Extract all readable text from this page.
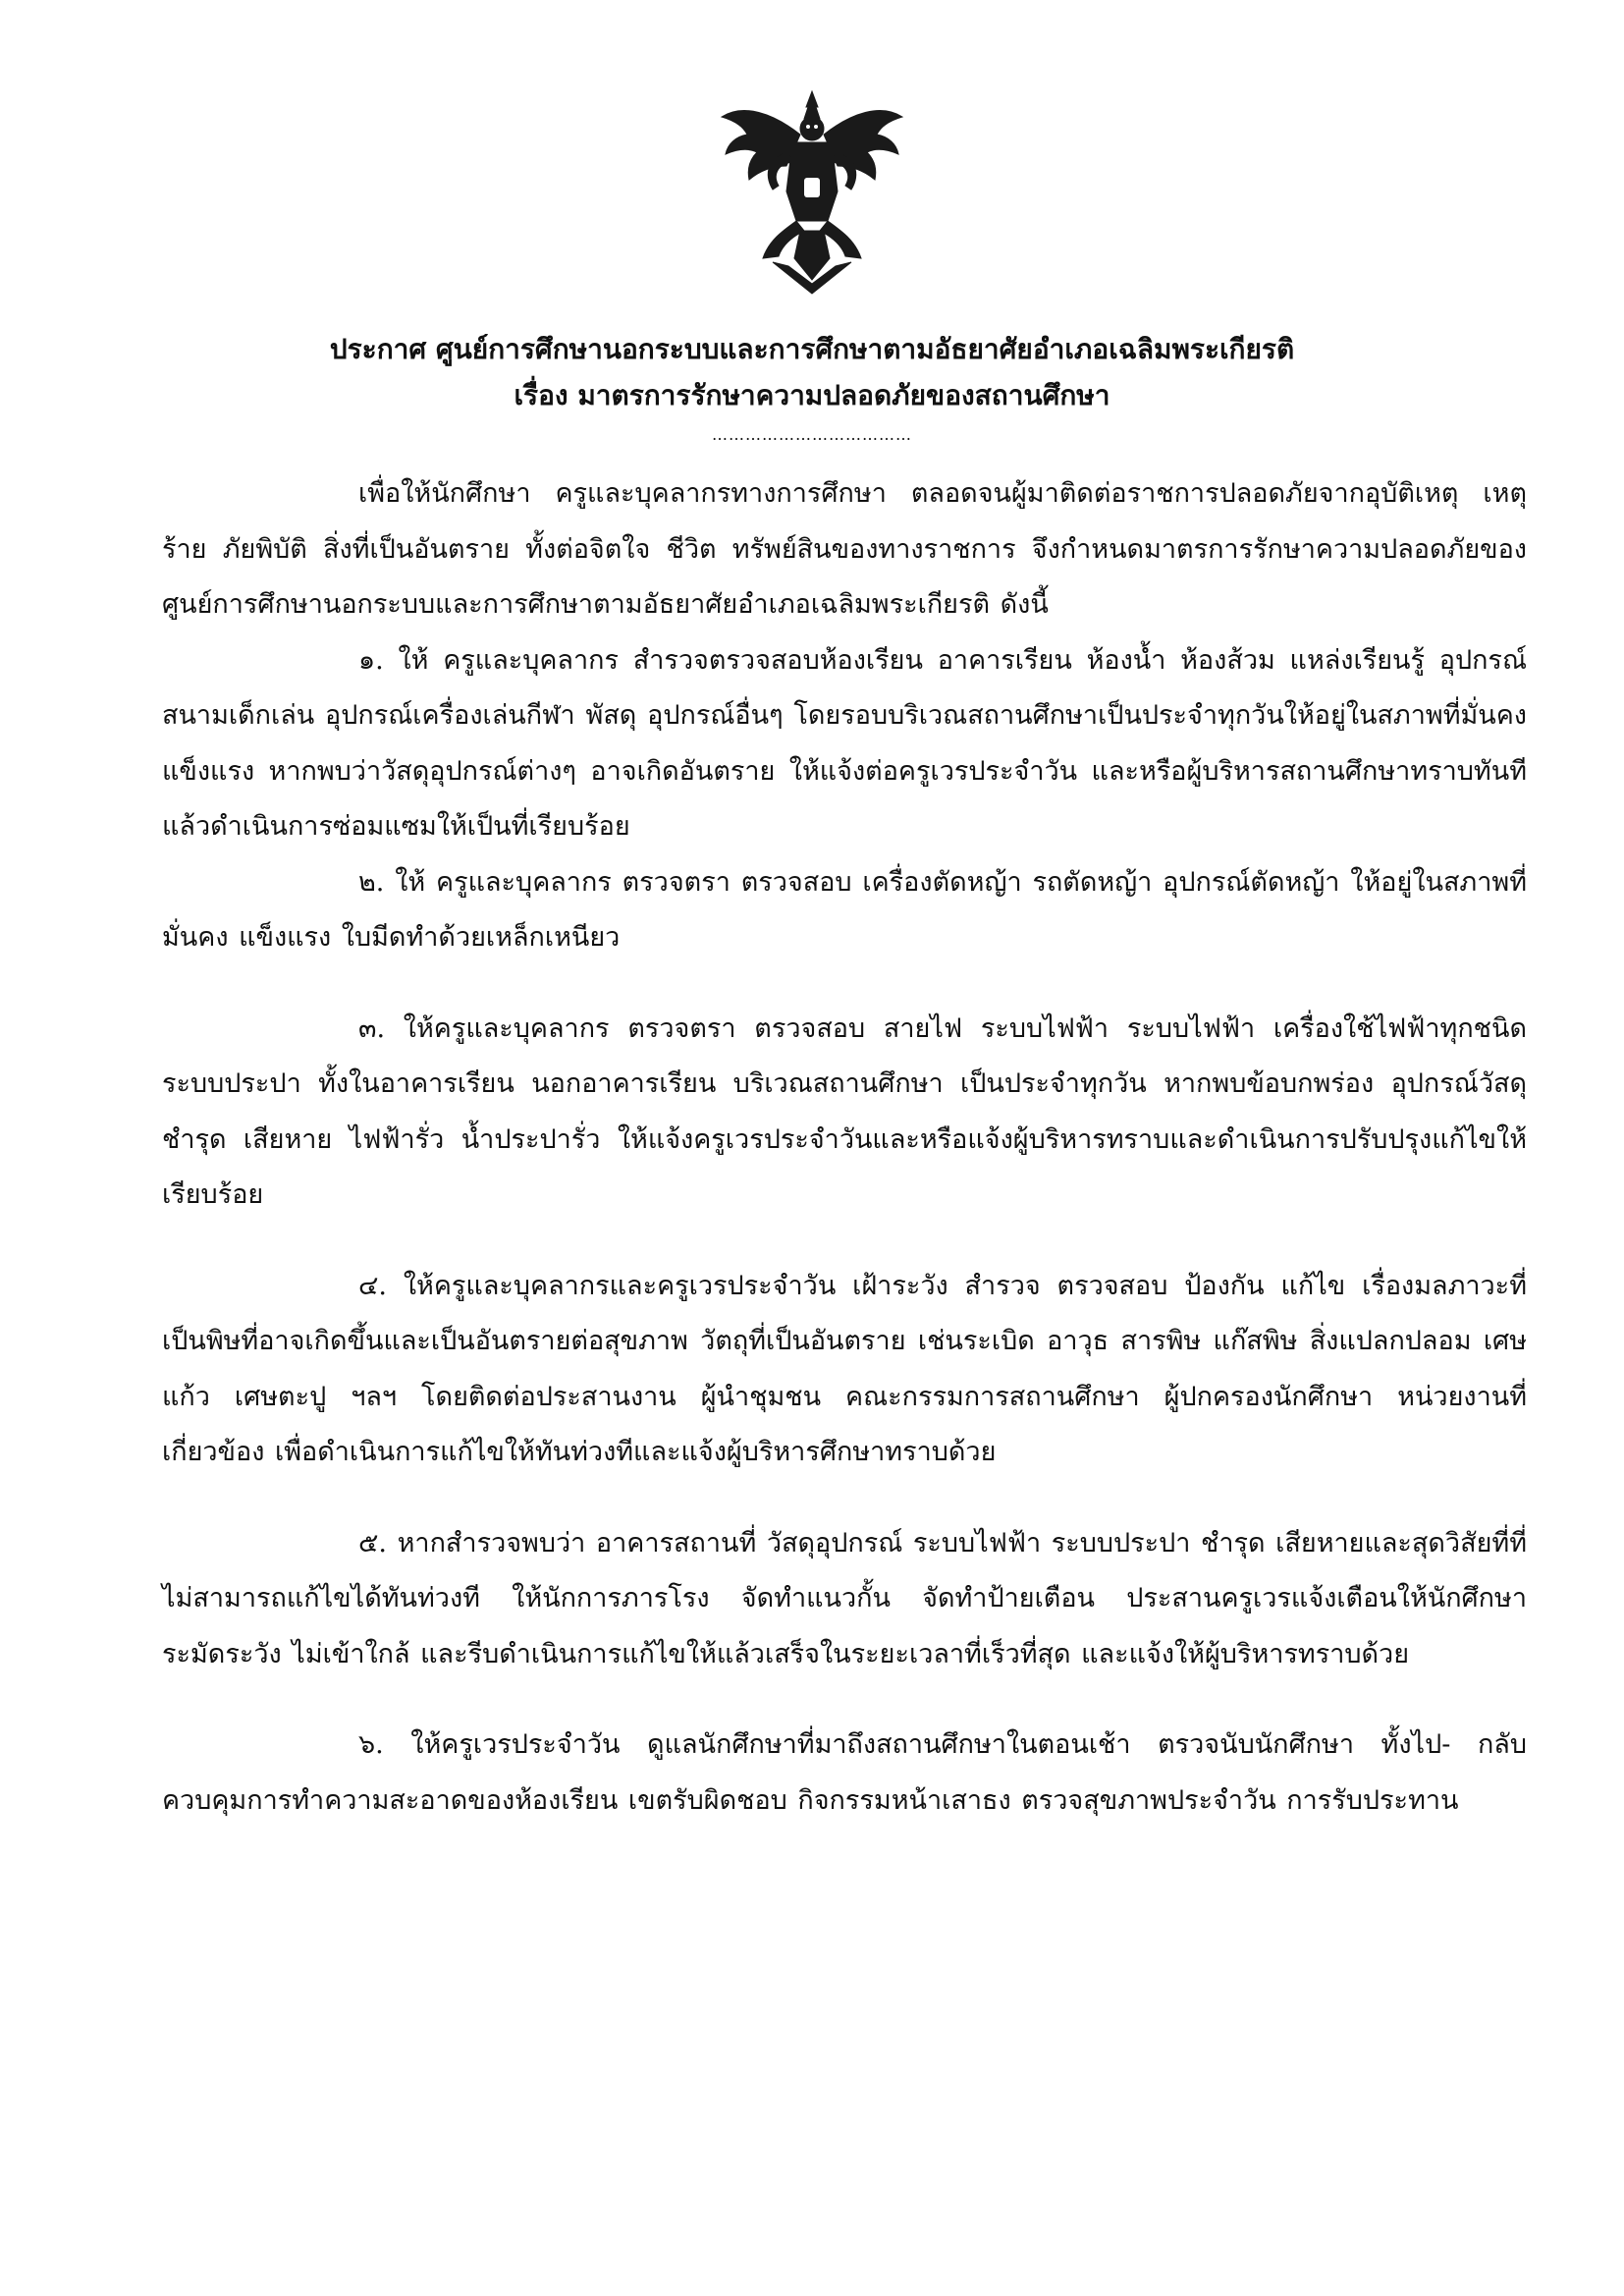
ประกาศ ศูนย์การศึกษานอกระบบและการศึกษาตามอัธยาศัยอำเภอเฉลิมพระเกียรติ
เรื่อง มาตรการรักษาความปลอดภัยของสถานศึกษา
………………………………

เพื่อให้นักศึกษา ครูและบุคลากรทางการศึกษา ตลอดจนผู้มาติดต่อราชการปลอดภัยจากอุบัติเหตุ เหตุร้าย ภัยพิบัติ สิ่งที่เป็นอันตราย ทั้งต่อจิตใจ ชีวิต ทรัพย์สินของทางราชการ จึงกำหนดมาตรการรักษาความปลอดภัยของ ศูนย์การศึกษานอกระบบและการศึกษาตามอัธยาศัยอำเภอเฉลิมพระเกียรติ ดังนี้

๑. ให้ ครูและบุคลากร สำรวจตรวจสอบห้องเรียน อาคารเรียน ห้องน้ำ ห้องส้วม แหล่งเรียนรู้ อุปกรณ์สนามเด็กเล่น อุปกรณ์เครื่องเล่นกีฬา พัสดุ อุปกรณ์อื่นๆ โดยรอบบริเวณสถานศึกษาเป็นประจำทุกวันให้อยู่ในสภาพที่มั่นคง แข็งแรง หากพบว่าวัสดุอุปกรณ์ต่างๆ อาจเกิดอันตราย ให้แจ้งต่อครูเวรประจำวัน และหรือผู้บริหารสถานศึกษาทราบทันที แล้วดำเนินการซ่อมแซมให้เป็นที่เรียบร้อย

๒. ให้ ครูและบุคลากร ตรวจตรา ตรวจสอบ เครื่องตัดหญ้า รถตัดหญ้า อุปกรณ์ตัดหญ้า ให้อยู่ในสภาพที่มั่นคง แข็งแรง ใบมีดทำด้วยเหล็กเหนียว

๓. ให้ครูและบุคลากร ตรวจตรา ตรวจสอบ สายไฟ ระบบไฟฟ้า ระบบไฟฟ้า เครื่องใช้ไฟฟ้าทุกชนิดระบบประปา ทั้งในอาคารเรียน นอกอาคารเรียน บริเวณสถานศึกษา เป็นประจำทุกวัน หากพบข้อบกพร่อง อุปกรณ์วัสดุชำรุด เสียหาย ไฟฟ้ารั่ว น้ำประปารั่ว ให้แจ้งครูเวรประจำวันและหรือแจ้งผู้บริหารทราบและดำเนินการปรับปรุงแก้ไขให้เรียบร้อย

๔. ให้ครูและบุคลากรและครูเวรประจำวัน เฝ้าระวัง สำรวจ ตรวจสอบ ป้องกัน แก้ไข เรื่องมลภาวะที่เป็นพิษที่อาจเกิดขึ้นและเป็นอันตรายต่อสุขภาพ วัตถุที่เป็นอันตราย เช่นระเบิด อาวุธ สารพิษ แก๊สพิษ สิ่งแปลกปลอม เศษแก้ว เศษตะปู ฯลฯ โดยติดต่อประสานงาน ผู้นำชุมชน คณะกรรมการสถานศึกษา ผู้ปกครองนักศึกษา หน่วยงานที่เกี่ยวข้อง เพื่อดำเนินการแก้ไขให้ทันท่วงทีและแจ้งผู้บริหารศึกษาทราบด้วย

๕. หากสำรวจพบว่า อาคารสถานที่ วัสดุอุปกรณ์ ระบบไฟฟ้า ระบบประปา ชำรุด เสียหายและสุดวิสัยที่ที่ไม่สามารถแก้ไขได้ทันท่วงที ให้นักการภารโรง จัดทำแนวกั้น จัดทำป้ายเตือน ประสานครูเวรแจ้งเตือนให้นักศึกษาระมัดระวัง ไม่เข้าใกล้ และรีบดำเนินการแก้ไขให้แล้วเสร็จในระยะเวลาที่เร็วที่สุด และแจ้งให้ผู้บริหารทราบด้วย

๖. ให้ครูเวรประจำวัน ดูแลนักศึกษาที่มาถึงสถานศึกษาในตอนเช้า ตรวจนับนักศึกษา ทั้งไป- กลับ ควบคุมการทำความสะอาดของห้องเรียน เขตรับผิดชอบ กิจกรรมหน้าเสาธง ตรวจสุขภาพประจำวัน การรับประทาน
